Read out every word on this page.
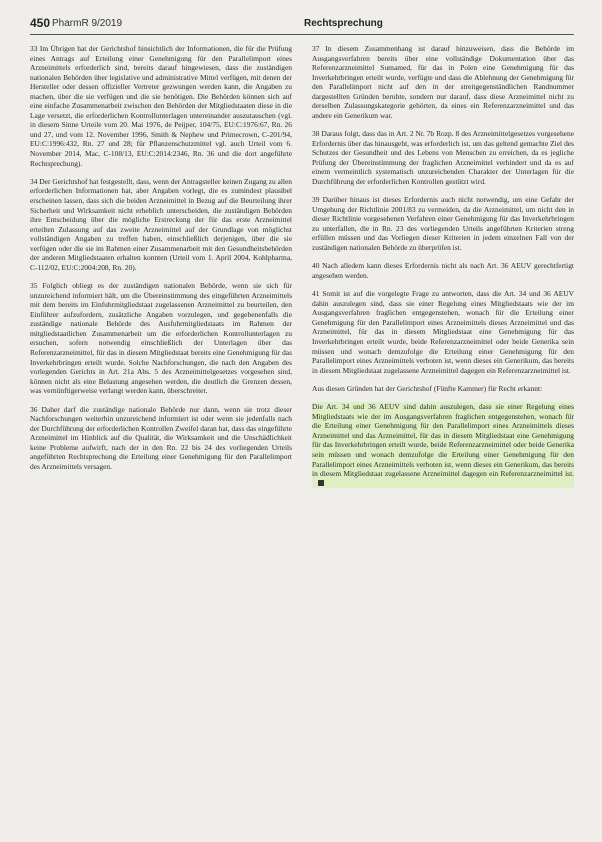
450 PharmR 9/2019	Rechtsprechung

33 Im Übrigen hat der Gerichtshof hinsichtlich der Informationen, die für die Prüfung eines Antrags auf Erteilung einer Genehmigung für den Parallelimport eines Arzneimittels erforderlich sind, bereits darauf hingewiesen, dass die zuständigen nationalen Behörden über legislative und administrative Mittel verfügen, mit denen der Hersteller oder dessen offizieller Vertreter gezwungen werden kann, die Angaben zu machen, über die sie verfügen und die sie benötigen. Die Behörden können sich auf eine einfache Zusammenarbeit zwischen den Behörden der Mitgliedstaaten diese in die Lage versetzt, die erforderlichen Kontrollunterlagen untereinander auszutauschen (vgl. in diesem Sinne Urteile vom 20. Mai 1976, de Peijper, 104/75, EU:C:1976:67, Rn. 26 und 27, und vom 12. November 1996, Smith & Nephew und Primecrown, C-201/94, EU:C:1996:432, Rn. 27 und 28; für Pflanzenschutzmittel vgl. auch Urteil vom 6. November 2014, Mac, C-108/13, EU:C:2014:2346, Rn. 36 und die dort angeführte Rechtsprechung).

34 Der Gerichtshof hat festgestellt, dass, wenn der Antragsteller keinen Zugang zu allen erforderlichen Informationen hat, aber Angaben vorlegt, die es zumindest plausibel erscheinen lassen, dass sich die beiden Arzneimittel in Bezug auf die Beurteilung ihrer Sicherheit und Wirksamkeit nicht erheblich unterscheiden, die zuständigen Behörden ihre Entscheidung über die mögliche Erstreckung der für das erste Arzneimittel erteilten Zulassung auf das zweite Arzneimittel auf der Grundlage von möglichst vollständigen Angaben zu treffen haben, einschließlich derjenigen, über die sie verfügen oder die sie im Rahmen einer Zusammenarbeit mit den Gesundheitsbehörden der anderen Mitgliedstaaten erhalten konnten (Urteil vom 1. April 2004, Kohlpharma, C-112/02, EU:C:2004:208, Rn. 20).

35 Folglich obliegt es der zuständigen nationalen Behörde, wenn sie sich für unzureichend informiert hält, um die Übereinstimmung des eingeführten Arzneimittels mit dem bereits im Einfuhrmitgliedstaat zugelassenen Arzneimittel zu beurteilen, den Einführer aufzufordern, zusätzliche Angaben vorzulegen, und gegebenenfalls die zuständige nationale Behörde des Ausfuhrmitgliedstaats im Rahmen der mitgliedstaatlichen Zusammenarbeit um die erforderlichen Kontrollunterlagen zu ersuchen, sofern notwendig einschließlich der Unterlagen über das Referenzarzneimittel, für das in diesem Mitgliedstaat bereits eine Genehmigung für das Inverkehrbringen erteilt wurde. Solche Nachforschungen, die nach den Angaben des vorlegenden Gerichts in Art. 21a Abs. 5 des Arzneimittelgesetzes vorgesehen sind, können nicht als eine Belastung angesehen werden, die deutlich die Grenzen dessen, was vernünftigerweise verlangt werden kann, überschreitet.

36 Daher darf die zuständige nationale Behörde nur dann, wenn sie trotz dieser Nachforschungen weiterhin unzureichend informiert ist oder wenn sie jedenfalls nach der Durchführung der erforderlichen Kontrollen Zweifel daran hat, dass das eingeführte Arzneimittel im Hinblick auf die Qualität, die Wirksamkeit und die Unschädlichkeit keine Probleme aufwirft, nach der in den Rn. 22 bis 24 des vorliegenden Urteils angeführten Rechtsprechung die Erteilung einer Genehmigung für den Parallelimport des Arzneimittels versagen.

37 In diesem Zusammenhang ist darauf hinzuweisen, dass die Behörde im Ausgangsverfahren bereits über eine vollständige Dokumentation über das Referenzarzneimittel Sumamed, für das in Polen eine Genehmigung für das Inverkehrbringen erteilt wurde, verfügte und dass die Ablehnung der Genehmigung für den Parallelimport nicht auf den in der streitgegenständlichen Randnummer dargestellten Gründen beruhte, sondern nur darauf, dass diese Arzneimittel nicht zu derselben Zulassungskategorie gehörten, da eines ein Referenzarzneimittel und das andere ein Generikum war.

38 Daraus folgt, dass das in Art. 2 Nr. 7b Rozp. 8 des Arzneimittelgesetzes vorgesehene Erfordernis über das hinausgeht, was erforderlich ist, um das geltend gemachte Ziel des Schutzes der Gesundheit und des Lebens von Menschen zu erreichen, da es jegliche Prüfung der Übereinstimmung der fraglichen Arzneimittel verhindert und da es auf einem vermeintlich systematisch unzureichenden Charakter der Unterlagen für die Durchführung der erforderlichen Kontrollen gestützt wird.

39 Darüber hinaus ist dieses Erfordernis auch nicht notwendig, um eine Gefahr der Umgehung der Richtlinie 2001/83 zu vermeiden, da die Arzneimittel, um nicht den in dieser Richtlinie vorgesehenen Verfahren einer Genehmigung für das Inverkehrbringen zu unterfallen, die in Rn. 23 des vorliegenden Urteils angeführten Kriterien streng erfüllen müssen und das Vorliegen dieser Kriterien in jedem einzelnen Fall von der zuständigen nationalen Behörde zu überprüfen ist.

40 Nach alledem kann dieses Erfordernis nicht als nach Art. 36 AEUV gerechtfertigt angesehen werden.

41 Somit ist auf die vorgelegte Frage zu antworten, dass die Art. 34 und 36 AEUV dahin auszulegen sind, dass sie einer Regelung eines Mitgliedstaats wie der im Ausgangsverfahren fraglichen entgegenstehen, wonach für die Erteilung einer Genehmigung für den Parallelimport eines Arzneimittels dieses Arzneimittel und das Arzneimittel, für das in diesem Mitgliedstaat eine Genehmigung für das Inverkehrbringen erteilt wurde, beide Referenzarzneimittel oder beide Generika sein müssen und wonach demzufolge die Erteilung einer Genehmigung für den Parallelimport eines Arzneimittels verboten ist, wenn dieses ein Generikum, das bereits in diesem Mitgliedstaat zugelassene Arzneimittel dagegen ein Referenzarzneimittel ist.

Aus diesen Gründen hat der Gerichtshof (Fünfte Kammer) für Recht erkannt:

Die Art. 34 und 36 AEUV sind dahin auszulegen, dass sie einer Regelung eines Mitgliedstaats wie der im Ausgangsverfahren fraglichen entgegenstehen, wonach für die Erteilung einer Genehmigung für den Parallelimport eines Arzneimittels dieses Arzneimittel und das Arzneimittel, für das in diesem Mitgliedstaat eine Genehmigung für das Inverkehrbringen erteilt wurde, beide Referenzarzneimittel oder beide Generika sein müssen und wonach demzufolge die Erteilung einer Genehmigung für den Parallelimport eines Arzneimittels verboten ist, wenn dieses ein Generikum, das bereits in diesem Mitgliedstaat zugelassene Arzneimittel dagegen ein Referenzarzneimittel ist.
